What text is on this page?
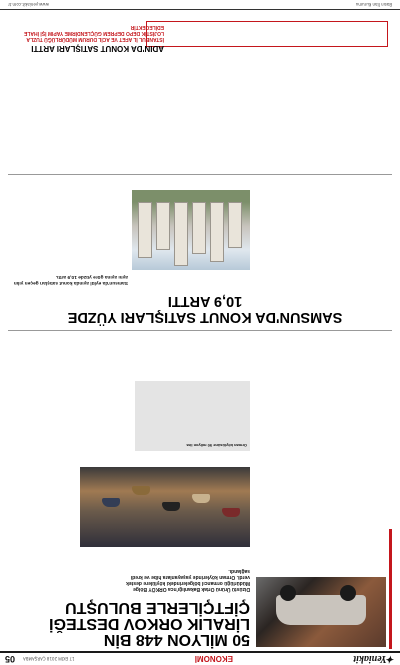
✦Yeniakit
EKONOMİ
17 EKİM 2018 ÇARŞAMBA
05
50 MİLYON 448 BİN LİRALIK ORKOV DESTEĞİ ÇİFTÇİLERLE BULUŞTU
Dizüstü Ürünü Ortak Bakanlığı'nca ORKÖY Bölge Müdürlüğü ormancıl bölgelerindeki köylülere destek verdi. Orman köylerinde yaşayanlara hibe ve kredi sağlandı.
Orman köylüsüne 50 milyon lira
SAMSUN'DA KONUT SATIŞLARI YÜZDE 10,9 ARTTI
Samsun'da eylül ayında konut satışları geçen yılın aynı ayına göre yüzde 10,9 arttı.
ADIN'DA KONUT SATIŞLARI ARTTI
İSTANBUL İL AFET VE ACİL DURUM MÜDÜRLÜĞÜ TUZLA LOJİSTİK DEPO DEPREM GÜÇLENDİRME YAPIM İŞİ İHALE EDİLECEKTİR
Basın İlan Kurumu
www.yeniakit.com.tr
